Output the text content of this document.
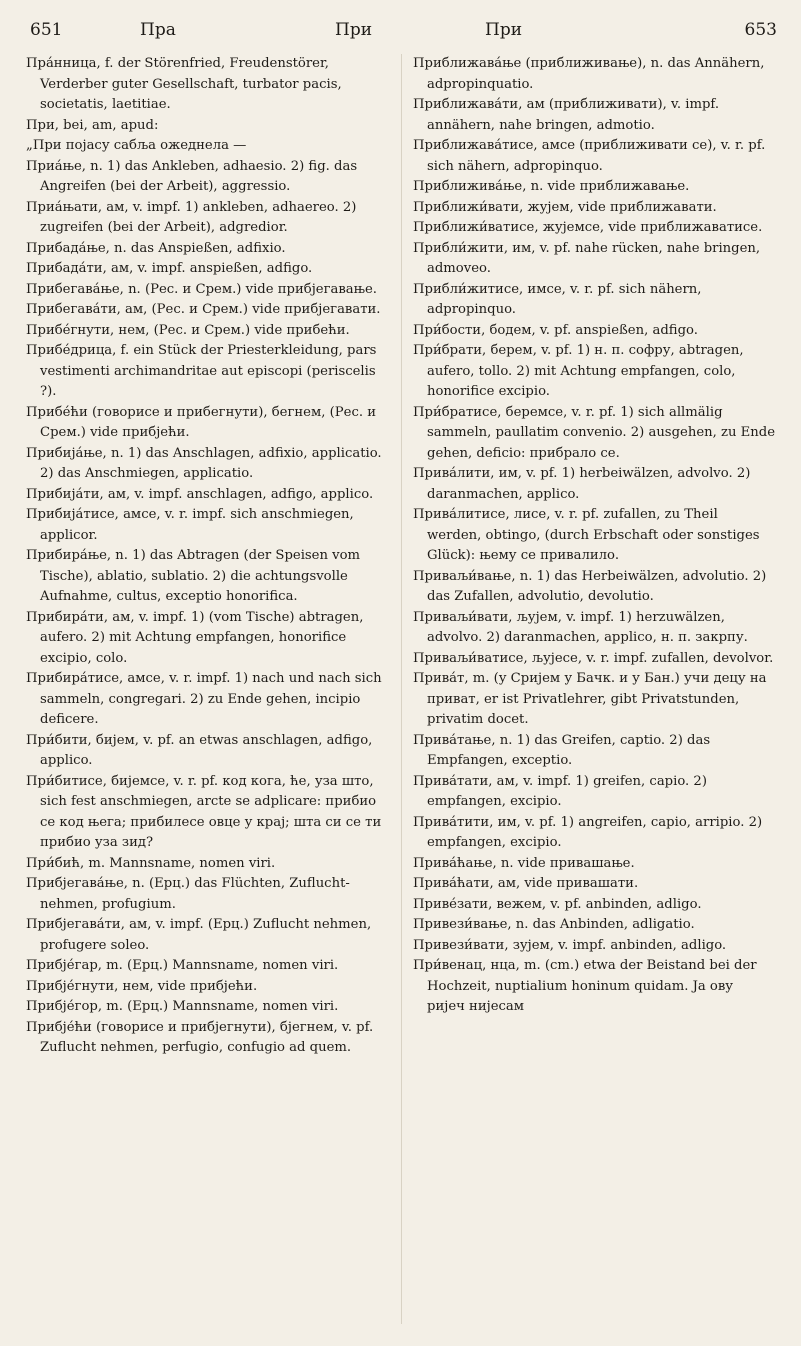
651	Пра	При	При	653
Пра́нница, f. der Störenfried, Freudenstörer, Verderber guter Gesellschaft, turbator pacis, societatis, laetitiae.
При, bei, am, apud:
„При појасу сабља ожеднела —
Приа́ње, n. 1) das Ankleben, adhaesio. 2) fig. das Angreifen (bei der Arbeit), aggressio.
Приа́њати, ам, v. impf. 1) ankleben, adhaereo. 2) zugreifen (bei der Arbeit), adgredior.
Прибада́ње, n. das Anspießen, adfixio.
Прибада́ти, ам, v. impf. anspießen, adfigo.
Прибегава́ње, n. (Рес. и Срем.) vide прибјегавање.
Прибегава́ти, ам, (Рес. и Срем.) vide прибјегавати.
Прибе́гнути, нем, (Рес. и Срем.) vide прибећи.
Прибе́дрица, f. ein Stück der Priesterkleidung, pars vestimenti archimandritae aut episcopi (periscelis ?).
Прибе́ћи (говорисе и прибегнути), бегнем, (Рес. и Срем.) vide прибјећи.
Прибија́ње, n. 1) das Anschlagen, adfixio, applicatio. 2) das Anschmiegen, applicatio.
Прибија́ти, ам, v. impf. anschlagen, adfigo, applico.
Прибија́тисе, амсе, v. r. impf. sich anschmiegen, applicor.
Прибира́ње, n. 1) das Abtragen (der Speisen vom Tische), ablatio, sublatio. 2) die achtungsvolle Aufnahme, cultus, exceptio honorifica.
Прибира́ти, ам, v. impf. 1) (vom Tische) abtragen, aufero. 2) mit Achtung empfangen, honorifice excipio, colo.
Прибира́тисе, амсе, v. r. impf. 1) nach und nach sich sammeln, congregari. 2) zu Ende gehen, incipio deficere.
При́бити, бијем, v. pf. an etwas anschlagen, adfigo, applico.
При́битисе, бијемсе, v. r. pf. код кога, ће, уза што, sich fest anschmiegen, arcte se adplicare: прибио се код њега; прибилесе овце у крај; шта си се ти прибио уза зид?
При́бић, m. Mannsname, nomen viri.
Прибјегава́ње, n. (Ерц.) das Flüchten, Zuflucht-nehmen, profugium.
Прибјегава́ти, ам, v. impf. (Ерц.) Zuflucht nehmen, profugere soleo.
Прибје́гар, m. (Ерц.) Mannsname, nomen viri.
Прибје́гнути, нем, vide прибјећи.
Прибје́гор, m. (Ерц.) Mannsname, nomen viri.
Прибје́ћи (говорисе и прибјегнути), бјегнем, v. pf. Zuflucht nehmen, perfugio, confugio ad quem.
Приближава́ње (приближивање), n. das Annähern, adpropinquatio.
Приближава́ти, ам (приближивати), v. impf. annähern, nahe bringen, admotio.
Приближава́тисе, амсе (приближивати се), v. r. pf. sich nähern, adpropinquo.
Приближива́ње, n. vide приближавање.
Приближи́вати, жујем, vide приближавати.
Приближи́ватисе, жујемсе, vide приближаватисе.
Прибли́жити, им, v. pf. nahe rücken, nahe bringen, admoveo.
Прибли́житисе, имсе, v. r. pf. sich nähern, adpropinquo.
При́бости, бодем, v. pf. anspießen, adfigo.
При́брати, берем, v. pf. 1) н. п. софру, abtragen, aufero, tollo. 2) mit Achtung empfangen, colo, honorifice excipio.
При́братисе, беремсе, v. r. pf. 1) sich allmälig sammeln, paullatim convenio. 2) ausgehen, zu Ende gehen, deficio: прибрало се.
Прива́лити, им, v. pf. 1) herbeiwälzen, advolvo. 2) daranmachen, applico.
Прива́литисе, лисе, v. r. pf. zufallen, zu Theil werden, obtingo, (durch Erbschaft oder sonstiges Glück): њему се привалило.
Приваљи́вање, n. 1) das Herbeiwälzen, advolutio. 2) das Zufallen, advolutio, devolutio.
Приваљи́вати, љујем, v. impf. 1) herzuwälzen, advolvo. 2) daranmachen, applico, н. п. закрпу.
Приваљи́ватисе, љујесе, v. r. impf. zufallen, devolvor.
Прива́т, m. (у Сријем у Бачк. и у Бан.) учи децу на приват, er ist Privatlehrer, gibt Privatstunden, privatim docet.
Прива́тање, n. 1) das Greifen, captio. 2) das Empfangen, exceptio.
Прива́тати, ам, v. impf. 1) greifen, capio. 2) empfangen, excipio.
Прива́тити, им, v. pf. 1) angreifen, capio, arripio. 2) empfangen, excipio.
Прива́ћање, n. vide привашање.
Прива́ћати, ам, vide привашати.
Приве́зати, вежем, v. pf. anbinden, adligo.
Привези́вање, n. das Anbinden, adligatio.
Привези́вати, зујем, v. impf. anbinden, adligo.
При́венац, нца, m. (cm.) etwa der Beistand bei der Hochzeit, nuptialium honinum quidam. Ја ову ријеч нијесам
